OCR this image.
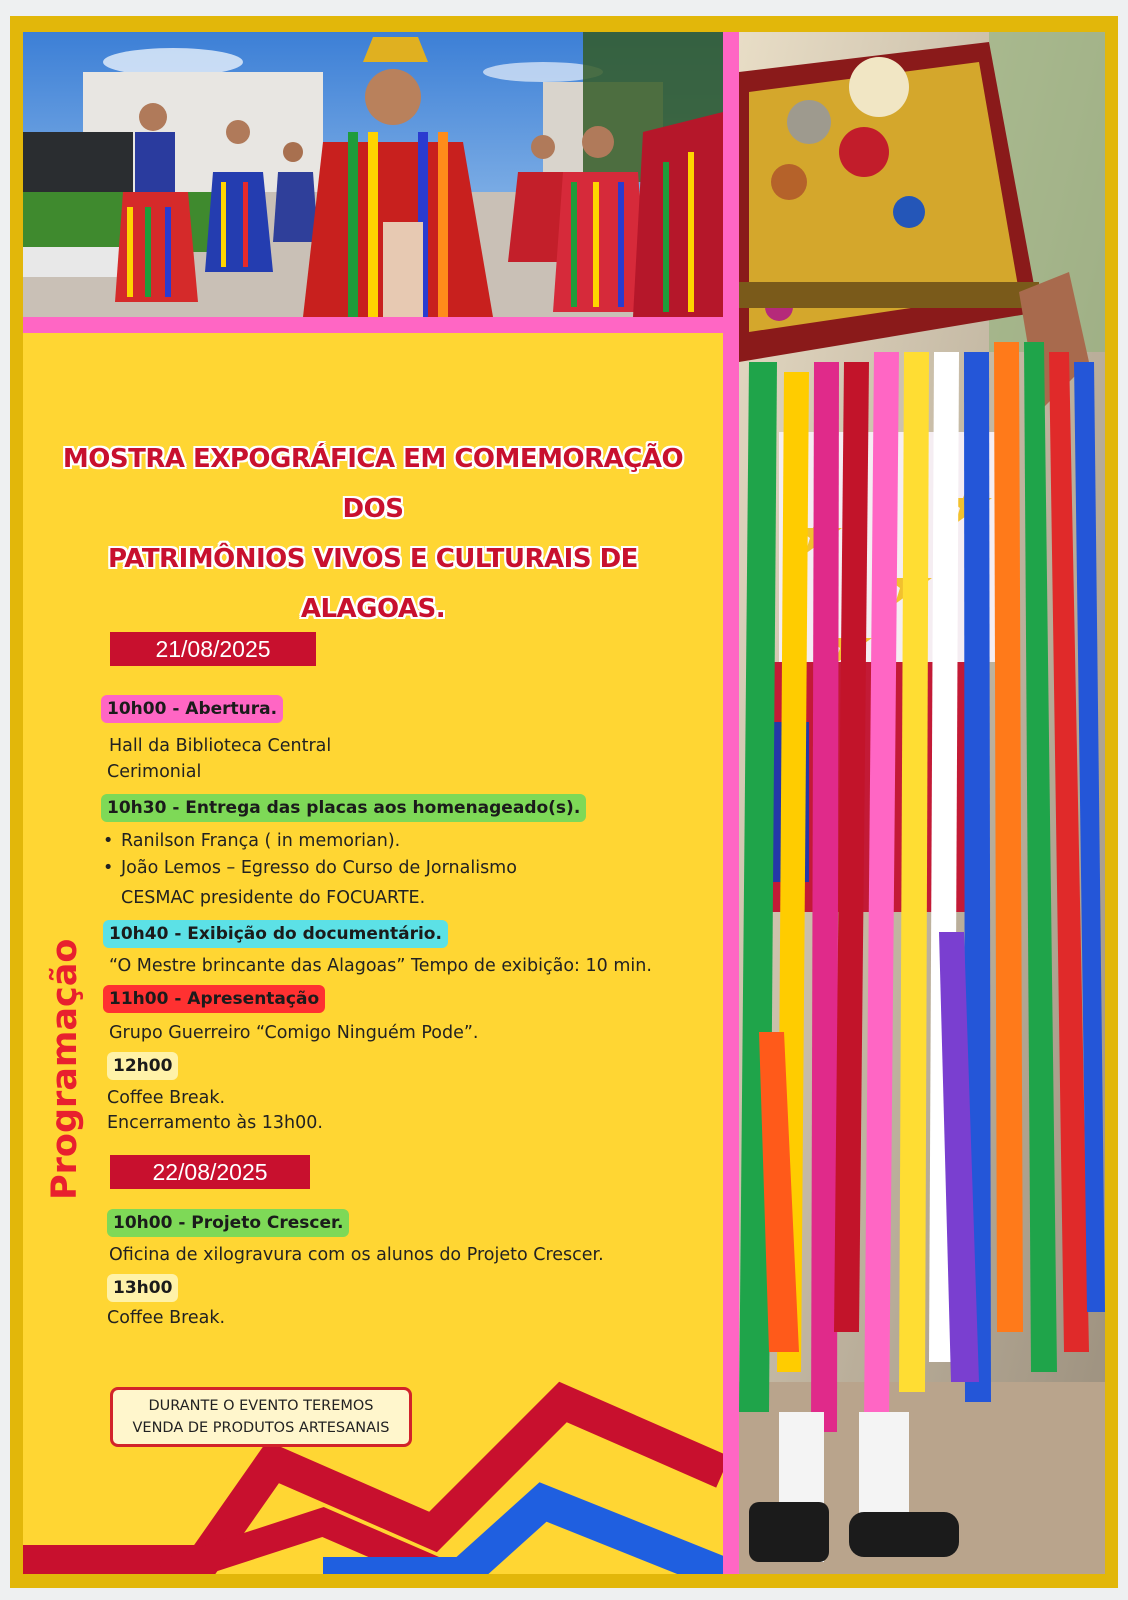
MOSTRA EXPOGRÁFICA EM COMEMORAÇÃO DOS
PATRIMÔNIOS VIVOS E CULTURAIS DE ALAGOAS.
Programação
21/08/2025
10h00 - Abertura.
Hall da Biblioteca Central
Cerimonial
10h30 - Entrega das placas aos homenageado(s).
• Ranilson França ( in memorian).
• João Lemos – Egresso do Curso de Jornalismo
CESMAC presidente do FOCUARTE.
10h40 - Exibição do documentário.
“O Mestre brincante das Alagoas” Tempo de exibição: 10 min.
11h00 - Apresentação
Grupo Guerreiro “Comigo Ninguém Pode”.
12h00
Coffee Break.
Encerramento às 13h00.
22/08/2025
10h00 - Projeto Crescer.
Oficina de xilogravura com os alunos do Projeto Crescer.
13h00
Coffee Break.
DURANTE O EVENTO TEREMOS
VENDA DE PRODUTOS ARTESANAIS
